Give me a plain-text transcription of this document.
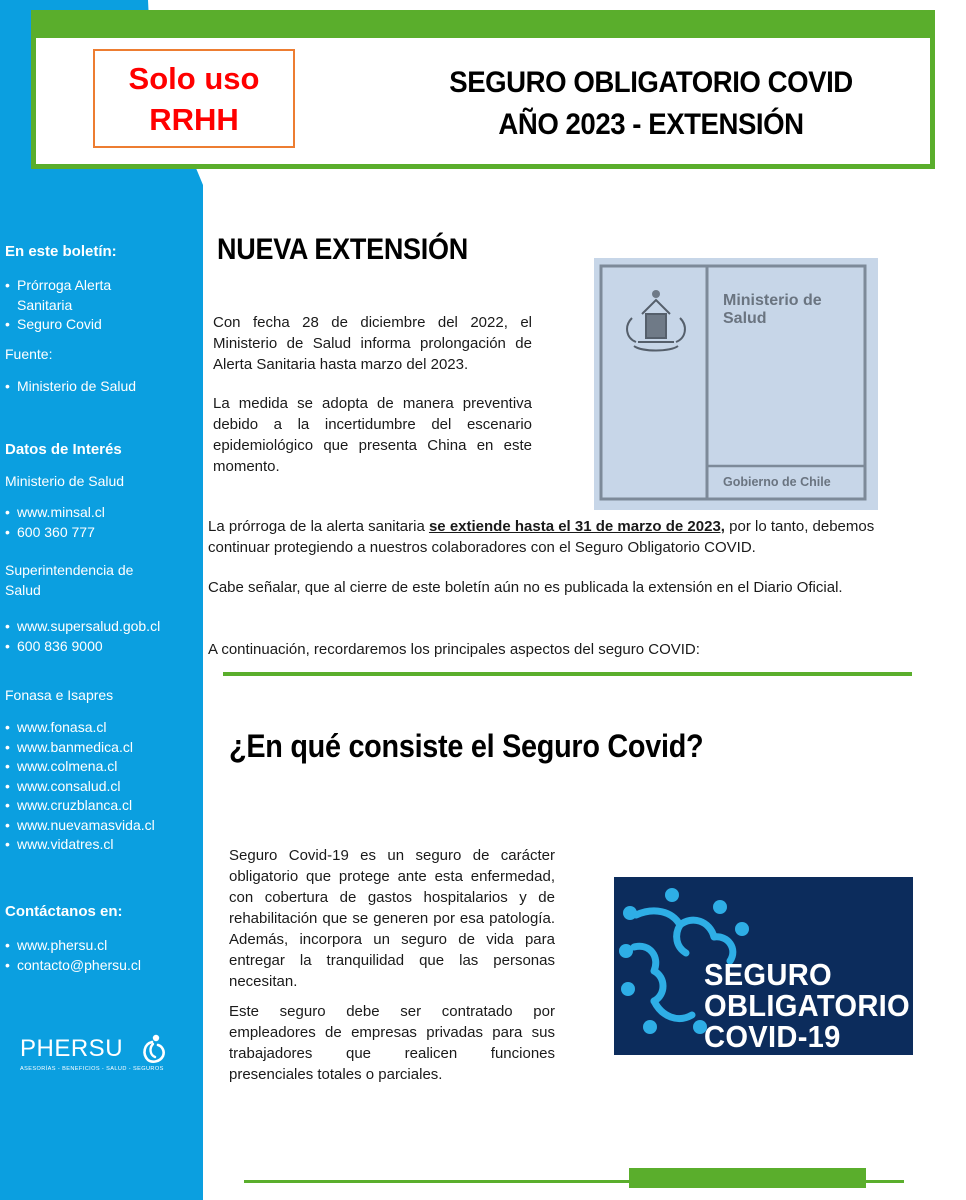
Solo uso
RRHH
SEGURO OBLIGATORIO COVID
AÑO 2023 - EXTENSIÓN
En este boletín:
• Prórroga Alerta Sanitaria
• Seguro Covid
Fuente:
• Ministerio de Salud
Datos de Interés
Ministerio de Salud
• www.minsal.cl
• 600 360 777
Superintendencia de Salud
• www.supersalud.gob.cl
• 600 836 9000
Fonasa e Isapres
• www.fonasa.cl
• www.banmedica.cl
• www.colmena.cl
• www.consalud.cl
• www.cruzblanca.cl
• www.nuevamasvida.cl
• www.vidatres.cl
Contáctanos en:
• www.phersu.cl
• contacto@phersu.cl
PHERSU
ASESORÍAS - BENEFICIOS - SALUD - SEGUROS
NUEVA EXTENSIÓN
Con fecha 28 de diciembre del 2022, el Ministerio de Salud informa prolongación de Alerta Sanitaria hasta marzo del 2023.
La medida se adopta de manera preventiva debido a la incertidumbre del escenario epidemiológico que presenta China en este momento.
Ministerio de
Salud
Gobierno de Chile
La prórroga de la alerta sanitaria se extiende hasta el 31 de marzo de 2023, por lo tanto, debemos continuar protegiendo a nuestros colaboradores con el Seguro Obligatorio COVID.
Cabe señalar, que al cierre de este boletín aún no es publicada la extensión en el Diario Oficial.
A continuación, recordaremos los principales aspectos del seguro COVID:
¿En qué consiste el Seguro Covid?
Seguro Covid-19 es un seguro de carácter obligatorio que protege ante esta enfermedad, con cobertura de gastos hospitalarios y de rehabilitación que se generen por esa patología. Además, incorpora un seguro de vida para entregar la tranquilidad que las personas necesitan.
Este seguro debe ser contratado por empleadores de empresas privadas para sus trabajadores que realicen funciones presenciales totales o parciales.
SEGURO
OBLIGATORIO
COVID-19
